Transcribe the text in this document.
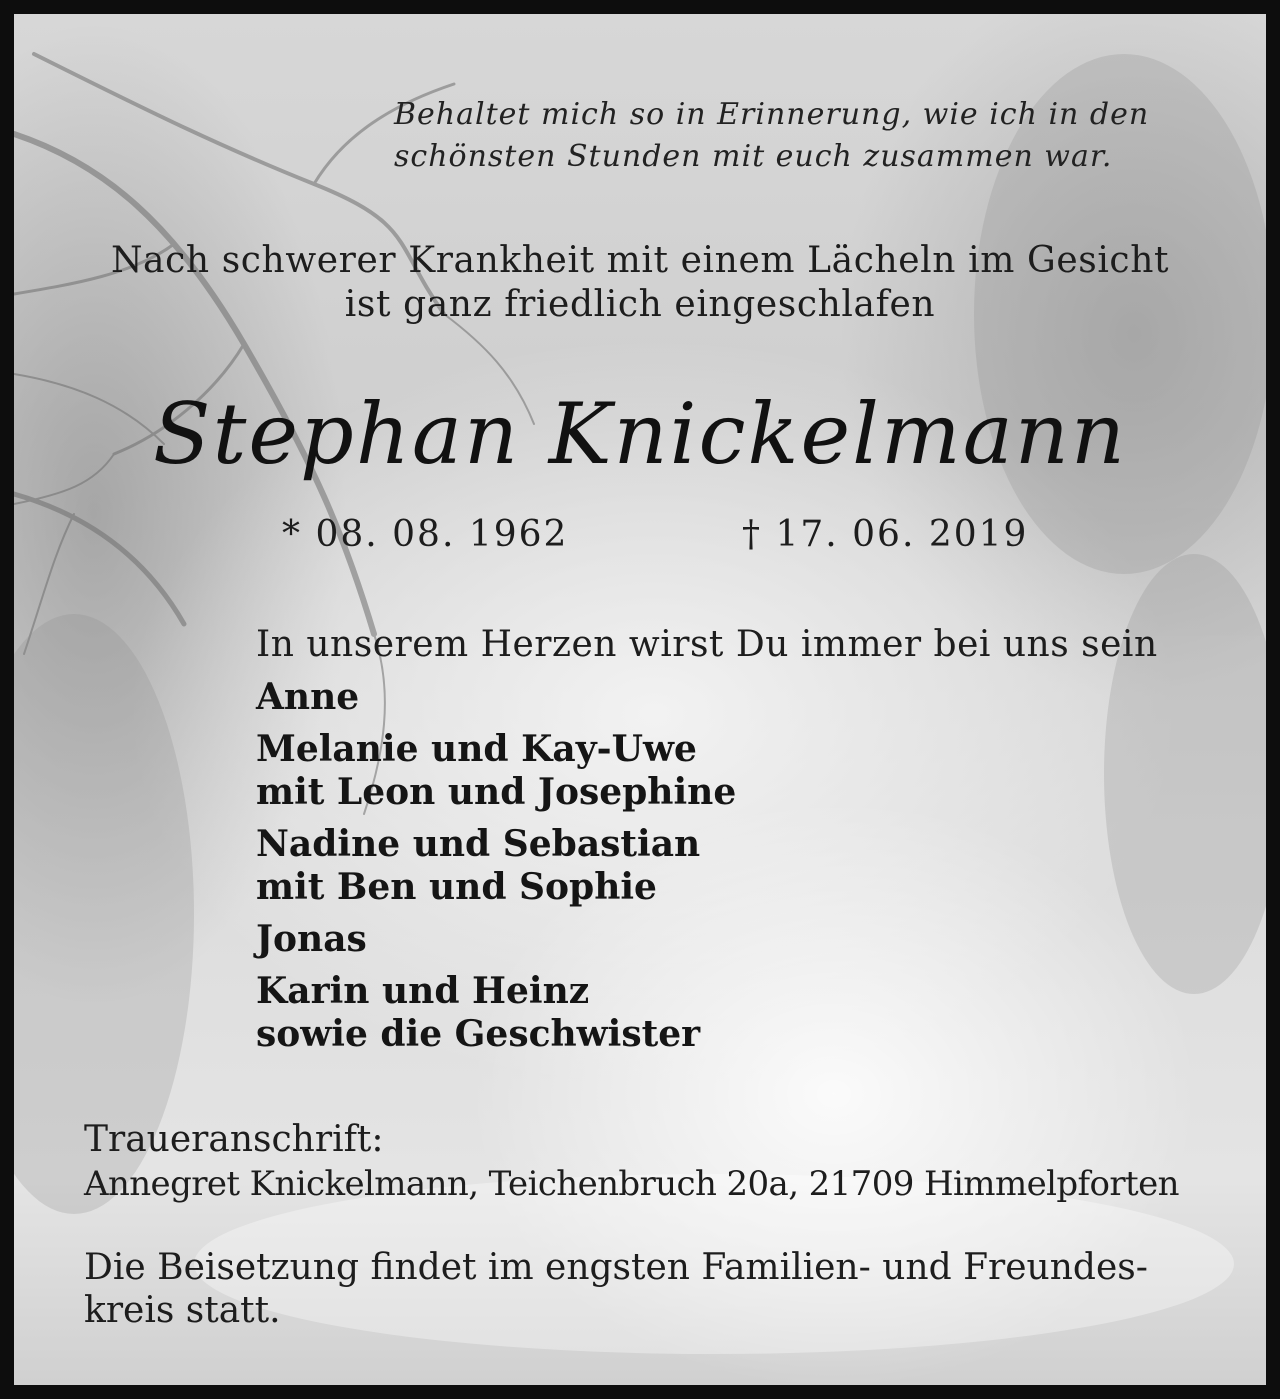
Behaltet mich so in Erinnerung, wie ich in den
schönsten Stunden mit euch zusammen war.
Nach schwerer Krankheit mit einem Lächeln im Gesicht
ist ganz friedlich eingeschlafen
Stephan Knickelmann
* 08. 08. 1962	† 17. 06. 2019
In unserem Herzen wirst Du immer bei uns sein
Anne
Melanie und Kay-Uwe
mit Leon und Josephine
Nadine und Sebastian
mit Ben und Sophie
Jonas
Karin und Heinz
sowie die Geschwister
Traueranschrift:
Annegret Knickelmann, Teichenbruch 20a, 21709 Himmelpforten
Die Beisetzung findet im engsten Familien- und Freundes-
kreis statt.
